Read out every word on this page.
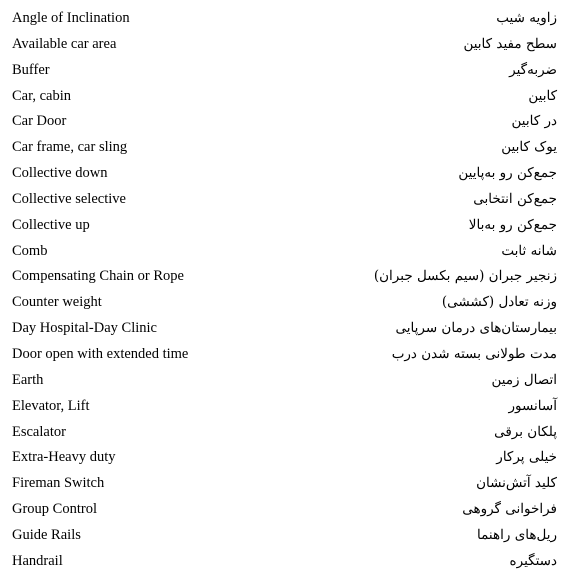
Angle of Inclination	زاویه شیب
Available car area	سطح مفید کابین
Buffer	ضربه‌گیر
Car, cabin	کابین
Car Door	در کابین
Car frame, car sling	یوک کابین
Collective down	جمع‌کن رو به‌پایین
Collective selective	جمع‌کن انتخابی
Collective up	جمع‌کن رو به‌بالا
Comb	شانه ثابت
Compensating Chain or Rope	زنجیر جبران (سیم بکسل جبران)
Counter weight	وزنه تعادل (کششی)
Day Hospital-Day Clinic	بیمارستان‌های درمان سرپایی
Door open with extended time	مدت طولانی بسته شدن درب
Earth	اتصال زمین
Elevator, Lift	آسانسور
Escalator	پلکان برقی
Extra-Heavy duty	خیلی پرکار
Fireman Switch	کلید آتش‌نشان
Group Control	فراخوانی گروهی
Guide Rails	ریل‌های راهنما
Handrail	دستگیره
